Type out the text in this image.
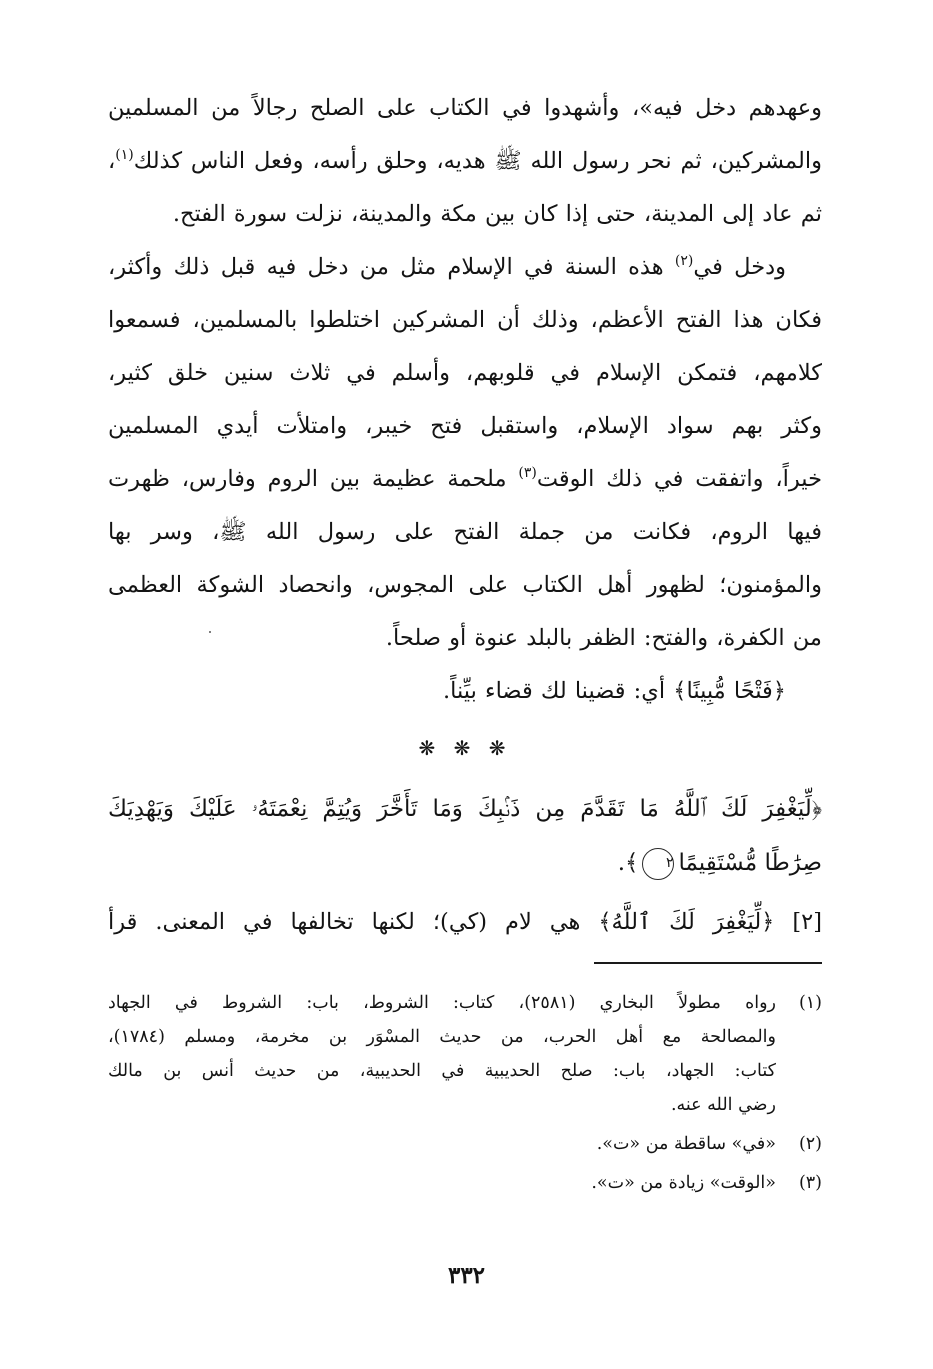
وعهدهم دخل فيه»، وأشهدوا في الكتاب على الصلح رجالاً من المسلمين
والمشركين، ثم نحر رسول الله ﷺ هديه، وحلق رأسه، وفعل الناس كذلك$^{(١)}$،
ثم عاد إلى المدينة، حتى إذا كان بين مكة والمدينة، نزلت سورة الفتح.
ودخل في$^{(٢)}$ هذه السنة في الإسلام مثل من دخل فيه قبل ذلك وأكثر،
فكان هذا الفتح الأعظم، وذلك أن المشركين اختلطوا بالمسلمين، فسمعوا
كلامهم، فتمكن الإسلام في قلوبهم، وأسلم في ثلاث سنين خلق كثير،
وكثر بهم سواد الإسلام، واستقبل فتح خيبر، وامتلأت أيدي المسلمين
خيراً، واتفقت في ذلك الوقت$^{(٣)}$ ملحمة عظيمة بين الروم وفارس، ظهرت
فيها الروم، فكانت من جملة الفتح على رسول الله ﷺ، وسر بها
والمؤمنون؛ لظهور أهل الكتاب على المجوس، وانحصاد الشوكة العظمى
من الكفرة، والفتح: الظفر بالبلد عنوة أو صلحاً.
﴿فَتْحًا مُّبِينًا﴾ أي: قضينا لك قضاء بيِّناً.
❋ ❋ ❋
﴿لِّيَغْفِرَ لَكَ ٱللَّهُ مَا تَقَدَّمَ مِن ذَنۢبِكَ وَمَا تَأَخَّرَ وَيُتِمَّ نِعْمَتَهُۥ عَلَيْكَ وَيَهْدِيَكَ
صِرَٰطًا مُّسْتَقِيمًا٢﴾.
[٢] ﴿لِّيَغْفِرَ لَكَ ٱللَّهُ﴾ هي لام (كي)؛ لكنها تخالفها في المعنى. قرأ
(١)
رواه مطولاً البخاري (٢٥٨١)، كتاب: الشروط، باب: الشروط في الجهاد
والمصالحة مع أهل الحرب، من حديث المسْوَر بن مخرمة، ومسلم (١٧٨٤)،
كتاب: الجهاد، باب: صلح الحديبية في الحديبية، من حديث أنس بن مالك
رضي الله عنه.
(٢)
«في» ساقطة من «ت».
(٣)
«الوقت» زيادة من «ت».
٣٣٢
